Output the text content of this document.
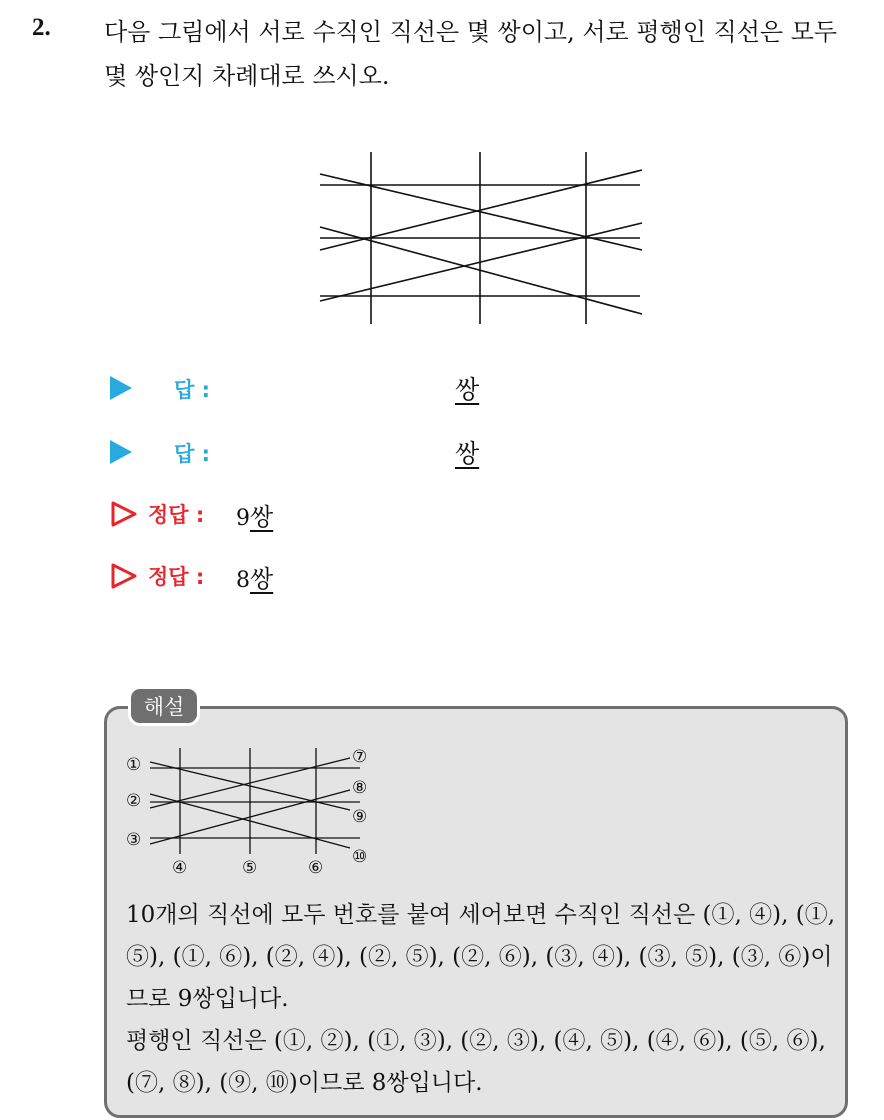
2. 다음 그림에서 서로 수직인 직선은 몇 쌍이고, 서로 평행인 직선은 모두 몇 쌍인지 차례대로 쓰시오.
답 :	쌍
답 :	쌍
정답 : 9쌍
정답 : 8쌍
해설
①
②
③
④	⑤	⑥
⑦
⑧
⑨
⑩

10개의 직선에 모두 번호를 붙여 세어보면 수직인 직선은 (①, ④), (①, ⑤), (①, ⑥), (②, ④), (②, ⑤), (②, ⑥), (③, ④), (③, ⑤), (③, ⑥)이므로 9쌍입니다.

평행인 직선은 (①, ②), (①, ③), (②, ③), (④, ⑤), (④, ⑥), (⑤, ⑥), (⑦, ⑧), (⑨, ⑩)이므로 8쌍입니다.
